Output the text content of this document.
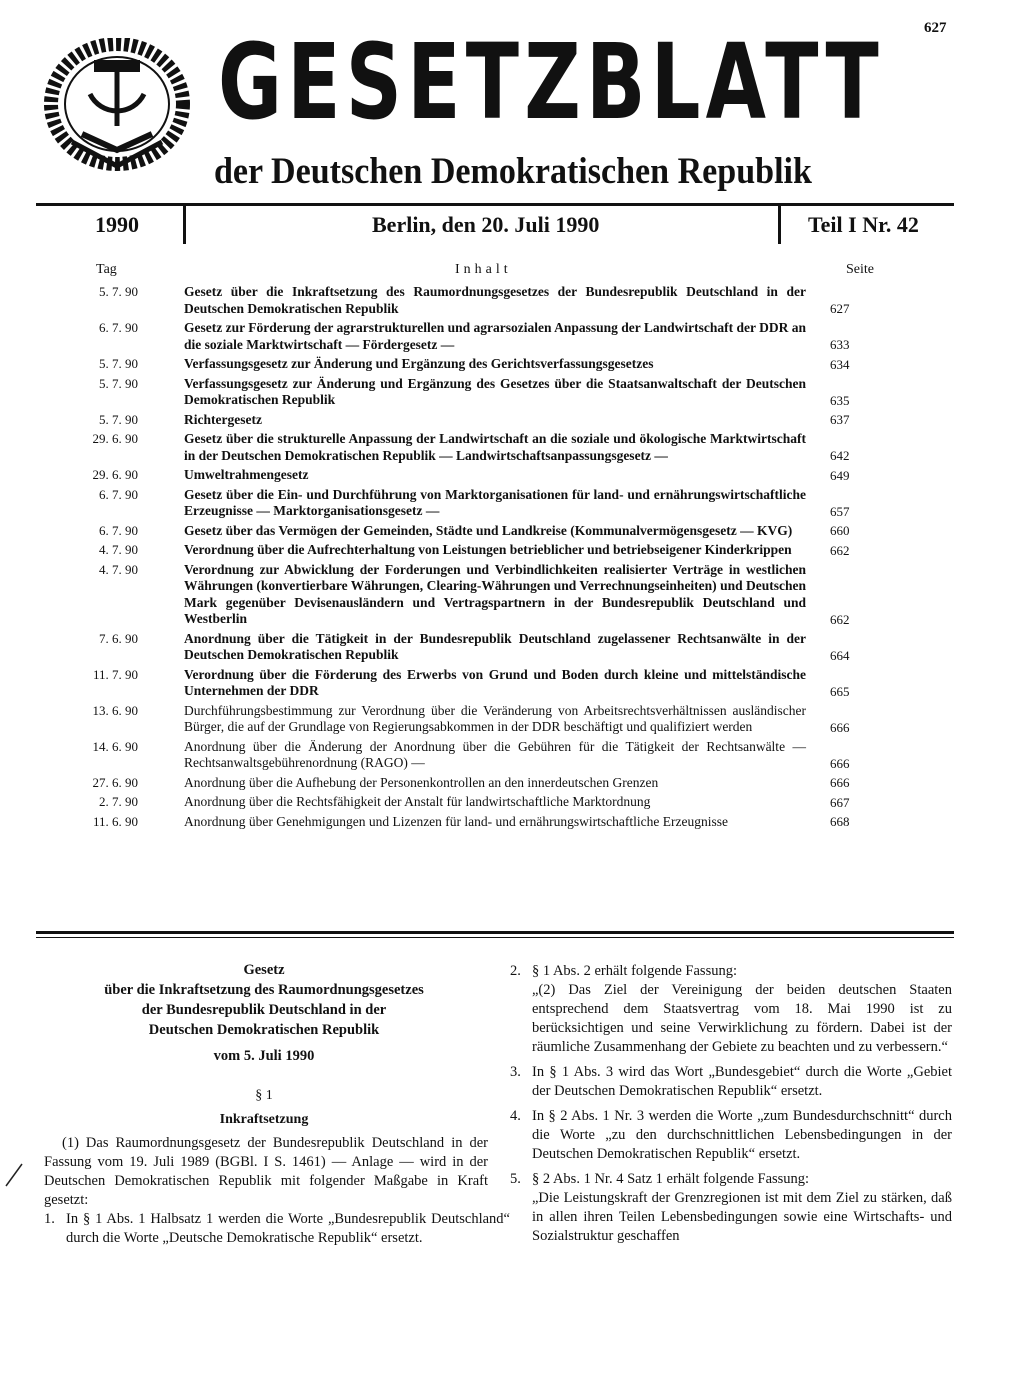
627
GESETZBLATT
der Deutschen Demokratischen Republik
1990	Berlin, den 20. Juli 1990	Teil I Nr. 42
Tag	Inhalt	Seite
5. 7. 90	Gesetz über die Inkraftsetzung des Raumordnungsgesetzes der Bundesrepublik Deutschland in der Deutschen Demokratischen Republik	627
6. 7. 90	Gesetz zur Förderung der agrarstrukturellen und agrarsozialen Anpassung der Landwirtschaft der DDR an die soziale Marktwirtschaft — Fördergesetz —	633
5. 7. 90	Verfassungsgesetz zur Änderung und Ergänzung des Gerichtsverfassungsgesetzes	634
5. 7. 90	Verfassungsgesetz zur Änderung und Ergänzung des Gesetzes über die Staatsanwaltschaft der Deutschen Demokratischen Republik	635
5. 7. 90	Richtergesetz	637
29. 6. 90	Gesetz über die strukturelle Anpassung der Landwirtschaft an die soziale und ökologische Marktwirtschaft in der Deutschen Demokratischen Republik — Landwirtschaftsanpassungsgesetz —	642
29. 6. 90	Umweltrahmengesetz	649
6. 7. 90	Gesetz über die Ein- und Durchführung von Marktorganisationen für land- und ernährungswirtschaftliche Erzeugnisse — Marktorganisationsgesetz —	657
6. 7. 90	Gesetz über das Vermögen der Gemeinden, Städte und Landkreise (Kommunalvermögensgesetz — KVG)	660
4. 7. 90	Verordnung über die Aufrechterhaltung von Leistungen betrieblicher und betriebseigener Kinderkrippen	662
4. 7. 90	Verordnung zur Abwicklung der Forderungen und Verbindlichkeiten realisierter Verträge in westlichen Währungen (konvertierbare Währungen, Clearing-Währungen und Verrechnungseinheiten) und Deutschen Mark gegenüber Devisenausländern und Vertragspartnern in der Bundesrepublik Deutschland und Westberlin	662
7. 6. 90	Anordnung über die Tätigkeit in der Bundesrepublik Deutschland zugelassener Rechtsanwälte in der Deutschen Demokratischen Republik	664
11. 7. 90	Verordnung über die Förderung des Erwerbs von Grund und Boden durch kleine und mittelständische Unternehmen der DDR	665
13. 6. 90	Durchführungsbestimmung zur Verordnung über die Veränderung von Arbeitsrechtsverhältnissen ausländischer Bürger, die auf der Grundlage von Regierungsabkommen in der DDR beschäftigt und qualifiziert werden	666
14. 6. 90	Anordnung über die Änderung der Anordnung über die Gebühren für die Tätigkeit der Rechtsanwälte — Rechtsanwaltsgebührenordnung (RAGO) —	666
27. 6. 90	Anordnung über die Aufhebung der Personenkontrollen an den innerdeutschen Grenzen	666
2. 7. 90	Anordnung über die Rechtsfähigkeit der Anstalt für landwirtschaftliche Marktordnung	667
11. 6. 90	Anordnung über Genehmigungen und Lizenzen für land- und ernährungswirtschaftliche Erzeugnisse	668
Gesetz
über die Inkraftsetzung des Raumordnungsgesetzes
der Bundesrepublik Deutschland in der
Deutschen Demokratischen Republik
vom 5. Juli 1990
§ 1
Inkraftsetzung
(1) Das Raumordnungsgesetz der Bundesrepublik Deutschland in der Fassung vom 19. Juli 1989 (BGBl. I S. 1461) — Anlage — wird in der Deutschen Demokratischen Republik mit folgender Maßgabe in Kraft gesetzt:
1. In § 1 Abs. 1 Halbsatz 1 werden die Worte „Bundesrepublik Deutschland“ durch die Worte „Deutsche Demokratische Republik“ ersetzt.
2. § 1 Abs. 2 erhält folgende Fassung:
„(2) Das Ziel der Vereinigung der beiden deutschen Staaten entsprechend dem Staatsvertrag vom 18. Mai 1990 ist zu berücksichtigen und seine Verwirklichung zu fördern. Dabei ist der räumliche Zusammenhang der Gebiete zu beachten und zu verbessern.“
3. In § 1 Abs. 3 wird das Wort „Bundesgebiet“ durch die Worte „Gebiet der Deutschen Demokratischen Republik“ ersetzt.
4. In § 2 Abs. 1 Nr. 3 werden die Worte „zum Bundesdurchschnitt“ durch die Worte „zu den durchschnittlichen Lebensbedingungen in der Deutschen Demokratischen Republik“ ersetzt.
5. § 2 Abs. 1 Nr. 4 Satz 1 erhält folgende Fassung:
„Die Leistungskraft der Grenzregionen ist mit dem Ziel zu stärken, daß in allen ihren Teilen Lebensbedingungen sowie eine Wirtschafts- und Sozialstruktur geschaffen
